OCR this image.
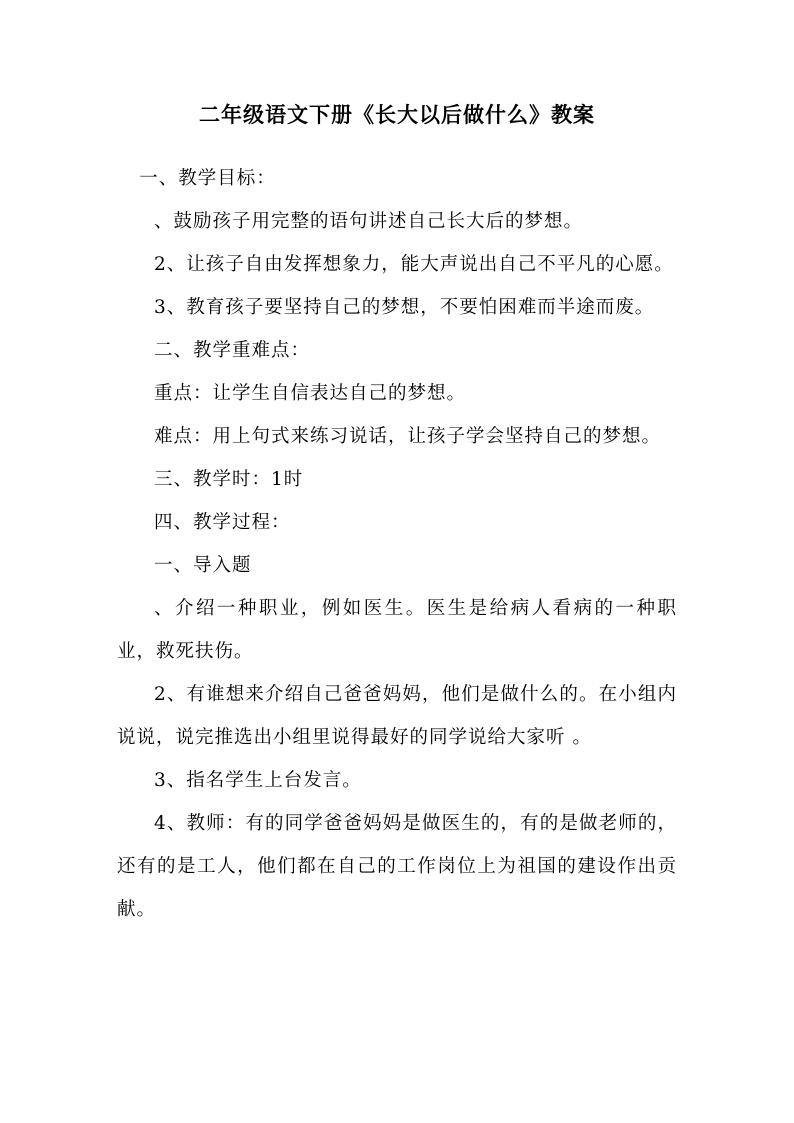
二年级语文下册《长大以后做什么》教案

一、教学目标：

、鼓励孩子用完整的语句讲述自己长大后的梦想。

2、让孩子自由发挥想象力，能大声说出自己不平凡的心愿。

3、教育孩子要坚持自己的梦想，不要怕困难而半途而废。

二、教学重难点：

重点：让学生自信表达自己的梦想。

难点：用上句式来练习说话，让孩子学会坚持自己的梦想。

三、教学时：1时

四、教学过程：

一、导入题

、介绍一种职业，例如医生。医生是给病人看病的一种职业，救死扶伤。

2、有谁想来介绍自己爸爸妈妈，他们是做什么的。在小组内说说，说完推选出小组里说得最好的同学说给大家听 。

3、指名学生上台发言。

4、教师：有的同学爸爸妈妈是做医生的，有的是做老师的，还有的是工人，他们都在自己的工作岗位上为祖国的建设作出贡献。
